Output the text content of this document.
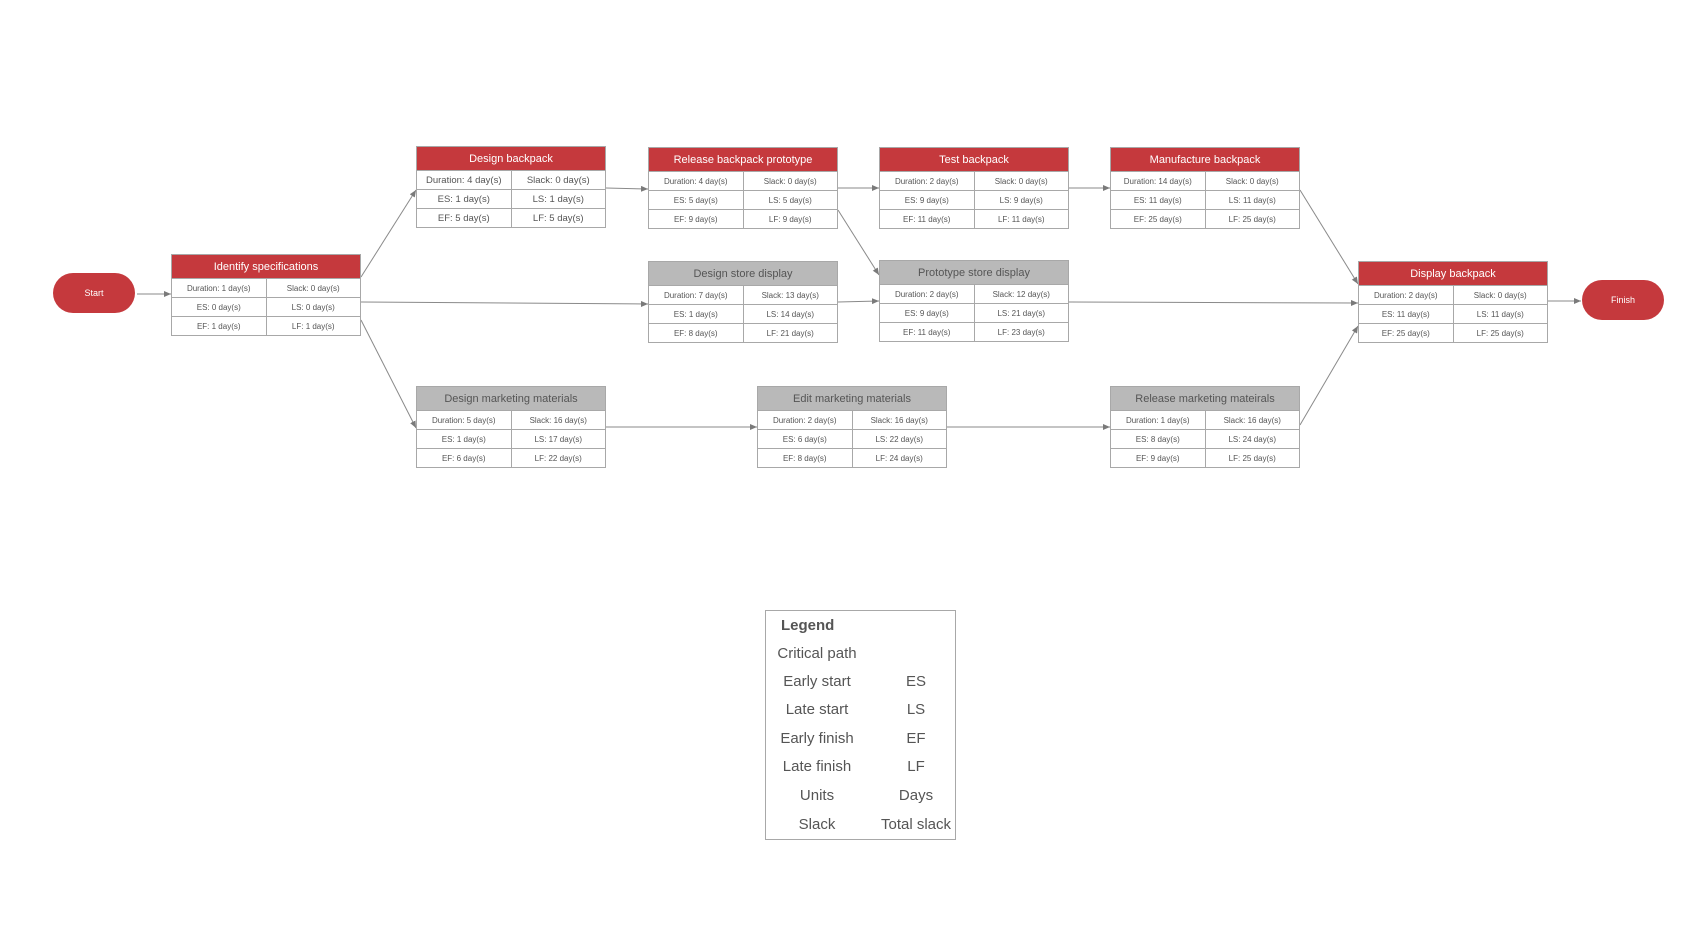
Start
Finish
Identify specifications
Duration: 1 day(s)	Slack: 0 day(s)
ES: 0 day(s)	LS: 0 day(s)
EF: 1 day(s)	LF: 1 day(s)
Design backpack
Duration: 4 day(s)	Slack: 0 day(s)
ES: 1 day(s)	LS: 1 day(s)
EF: 5 day(s)	LF: 5 day(s)
Release backpack prototype
Duration: 4 day(s)	Slack: 0 day(s)
ES: 5 day(s)	LS: 5 day(s)
EF: 9 day(s)	LF: 9 day(s)
Test backpack
Duration: 2 day(s)	Slack: 0 day(s)
ES: 9 day(s)	LS: 9 day(s)
EF: 11 day(s)	LF: 11 day(s)
Manufacture backpack
Duration: 14 day(s)	Slack: 0 day(s)
ES: 11 day(s)	LS: 11 day(s)
EF: 25 day(s)	LF: 25 day(s)
Design store display
Duration: 7 day(s)	Slack: 13 day(s)
ES: 1 day(s)	LS: 14 day(s)
EF: 8 day(s)	LF: 21 day(s)
Prototype store display
Duration: 2 day(s)	Slack: 12 day(s)
ES: 9 day(s)	LS: 21 day(s)
EF: 11 day(s)	LF: 23 day(s)
Display backpack
Duration: 2 day(s)	Slack: 0 day(s)
ES: 11 day(s)	LS: 11 day(s)
EF: 25 day(s)	LF: 25 day(s)
Design marketing materials
Duration: 5 day(s)	Slack: 16 day(s)
ES: 1 day(s)	LS: 17 day(s)
EF: 6 day(s)	LF: 22 day(s)
Edit marketing materials
Duration: 2 day(s)	Slack: 16 day(s)
ES: 6 day(s)	LS: 22 day(s)
EF: 8 day(s)	LF: 24 day(s)
Release marketing mateirals
Duration: 1 day(s)	Slack: 16 day(s)
ES: 8 day(s)	LS: 24 day(s)
EF: 9 day(s)	LF: 25 day(s)
Legend
Critical path
Early start	ES
Late start	LS
Early finish	EF
Late finish	LF
Units	Days
Slack	Total slack
